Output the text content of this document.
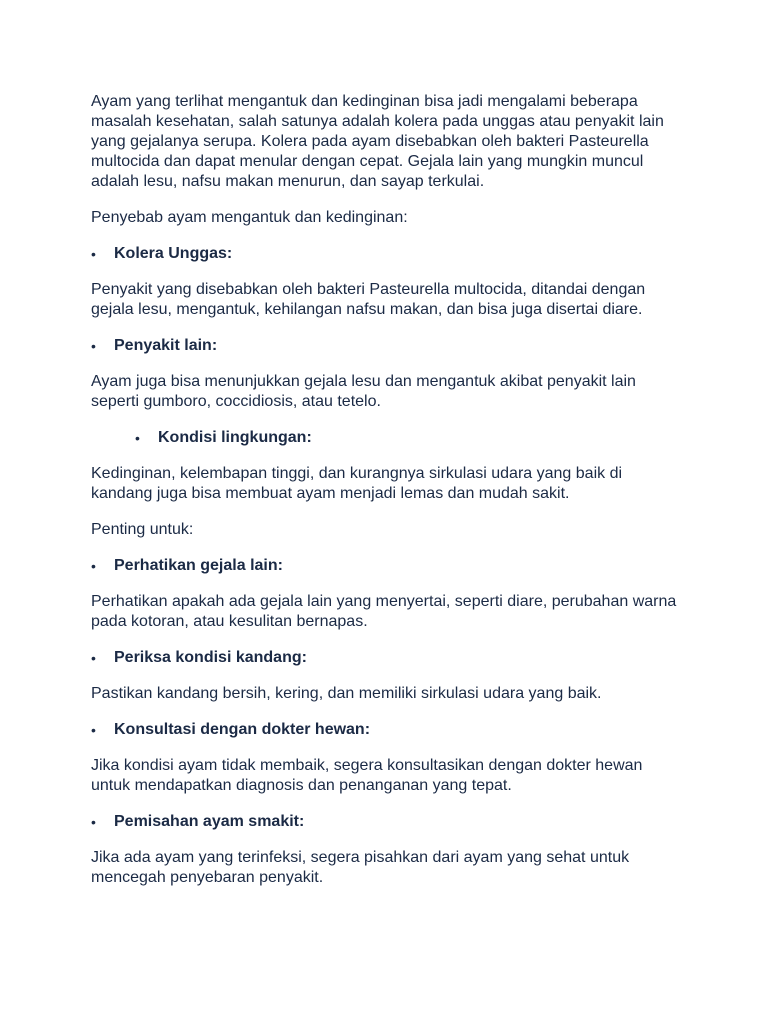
Ayam yang terlihat mengantuk dan kedinginan bisa jadi mengalami beberapa masalah kesehatan, salah satunya adalah kolera pada unggas atau penyakit lain yang gejalanya serupa. Kolera pada ayam disebabkan oleh bakteri Pasteurella multocida dan dapat menular dengan cepat. Gejala lain yang mungkin muncul adalah lesu, nafsu makan menurun, dan sayap terkulai.

Penyebab ayam mengantuk dan kedinginan:

•	Kolera Unggas:

Penyakit yang disebabkan oleh bakteri Pasteurella multocida, ditandai dengan gejala lesu, mengantuk, kehilangan nafsu makan, dan bisa juga disertai diare.

•	Penyakit lain:

Ayam juga bisa menunjukkan gejala lesu dan mengantuk akibat penyakit lain seperti gumboro, coccidiosis, atau tetelo.

•	Kondisi lingkungan:

Kedinginan, kelembapan tinggi, dan kurangnya sirkulasi udara yang baik di kandang juga bisa membuat ayam menjadi lemas dan mudah sakit.

Penting untuk:

•	Perhatikan gejala lain:

Perhatikan apakah ada gejala lain yang menyertai, seperti diare, perubahan warna pada kotoran, atau kesulitan bernapas.

•	Periksa kondisi kandang:

Pastikan kandang bersih, kering, dan memiliki sirkulasi udara yang baik.

•	Konsultasi dengan dokter hewan:

Jika kondisi ayam tidak membaik, segera konsultasikan dengan dokter hewan untuk mendapatkan diagnosis dan penanganan yang tepat.

•	Pemisahan ayam smakit:

Jika ada ayam yang terinfeksi, segera pisahkan dari ayam yang sehat untuk mencegah penyebaran penyakit.
